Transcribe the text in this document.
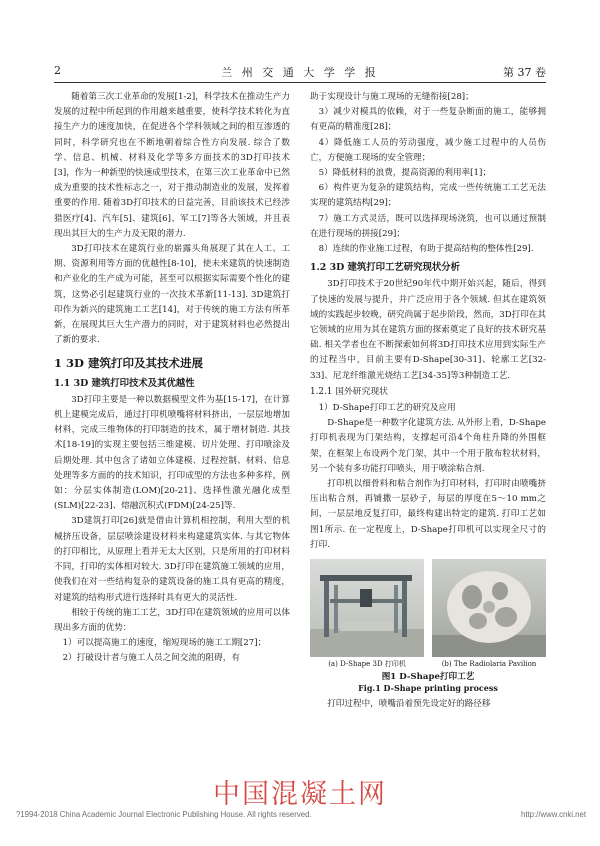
2	兰 州 交 通 大 学 学 报	第 37 卷

随着第三次工业革命的发展[1-2]，科学技术在推动生产力发展的过程中所起到的作用越来越重要，使科学技术转化为直接生产力的速度加快，在促进各个学科领域之间的相互渗透的同时，科学研究也在不断地朝着综合性方向发展. 综合了数学、信息、机械、材料及化学等多方面技术的3D打印技术[3]，作为一种新型的快速成型技术，在第三次工业革命中已然成为重要的技术性标志之一，对于推动制造业的发展，发挥着重要的作用. 随着3D打印技术的日益完善，目前该技术已经涉猎医疗[4]、汽车[5]、建筑[6]、军工[7]等各大领域，并且表现出其巨大的生产力及无限的潜力.

3D打印技术在建筑行业的崭露头角展现了其在人工、工期、资源利用等方面的优越性[8-10]，使未来建筑的快速制造和产业化的生产成为可能，甚至可以根据实际需要个性化的建筑，这势必引起建筑行业的一次技术革新[11-13]. 3D建筑打印作为新兴的建筑施工工艺[14]，对于传统的施工方法有所革新，在展现其巨大生产潜力的同时，对于建筑材料也必然提出了新的要求.

1 3D 建筑打印及其技术进展
1.1 3D 建筑打印技术及其优越性

3D打印主要是一种以数据模型文件为基[15-17]，在计算机上建模完成后，通过打印机喷嘴将材料挤出，一层层地增加材料，完成三维物体的打印制造的技术，属于增材制造. 其技术[18-19]的实现主要包括三维建模、切片处理、打印喷涂及后期处理. 其中包含了诸如立体建模、过程控制、材料、信息处理等多方面的的技术知识，打印成型的方法也多种多样，例如：分层实体制造(LOM)[20-21]、选择性激光融化成型(SLM)[22-23]、熔融沉积式(FDM)[24-25]等.

3D建筑打印[26]就是借由计算机相控制，利用大型的机械挤压设备，层层喷涂建设材料来构建建筑实体. 与其它物体的打印相比，从原理上看并无太大区别，只是所用的打印材料不同，打印的实体相对较大. 3D打印在建筑施工领域的应用，使我们在对一些结构复杂的建筑设备的施工具有更高的精度，对建筑的结构形式进行选择时具有更大的灵活性.

相较于传统的施工工艺，3D打印在建筑领域的应用可以体现出多方面的优势：

1）可以提高施工的速度，缩短现场的施工工期[27]；

2）打破设计者与施工人员之间交流的阻碍，有

助于实现设计与施工现场的无缝衔接[28]；

3）减少对模具的依赖，对于一些复杂断面的施工，能够拥有更高的精准度[28]；

4）降低施工人员的劳动强度，减少施工过程中的人员伤亡，方便施工现场的安全管理；

5）降低材料的浪费，提高资源的利用率[1]；

6）构件更为复杂的建筑结构，完成一些传统施工工艺无法实现的建筑结构[29]；

7）施工方式灵活，既可以选择现场浇筑，也可以通过预制在进行现场的拼接[29]；

8）连续的作业施工过程，有助于提高结构的整体性[29].

1.2 3D 建筑打印工艺研究现状分析

3D打印技术于20世纪90年代中期开始兴起，随后，得到了快速的发展与提升，并广泛应用于各个领域. 但其在建筑领域的实践起步较晚，研究尚属于起步阶段，然而，3D打印在其它领域的应用为其在建筑方面的探索奠定了良好的技术研究基础. 相关学者也在不断探索如何将3D打印技术应用到实际生产的过程当中，目前主要有D-Shape[30-31]、轮廓工艺[32-33]、尼龙纤维激光烧结工艺[34-35]等3种制造工艺.

1.2.1 国外研究现状

1）D-Shape打印工艺的研究及应用

D-Shape是一种数字化建筑方法. 从外形上看，D-Shape打印机表现为门架结构，支撑起可沿4个角柱升降的外围框架，在框架上布设两个龙门架，其中一个用于散布粒状材料，另一个装有多功能打印喷头，用于喷涂粘合剂.

打印机以细骨料和粘合剂作为打印材料，打印时由喷嘴挤压出粘合剂，再铺撒一层砂子，每层的厚度在5～10 mm之间，一层层地反复打印，最终构建出特定的建筑. 打印工艺如图1所示. 在一定程度上，D-Shape打印机可以实现全尺寸的打印.

(a) D-Shape 3D 打印机	(b) The Radiolaria Pavilion
图1 D-Shape打印工艺
Fig.1 D-Shape printing process

打印过程中，喷嘴沿着预先设定好的路径移

中国混凝土网
?1994-2018 China Academic Journal Electronic Publishing House. All rights reserved.	http://www.cnki.net
